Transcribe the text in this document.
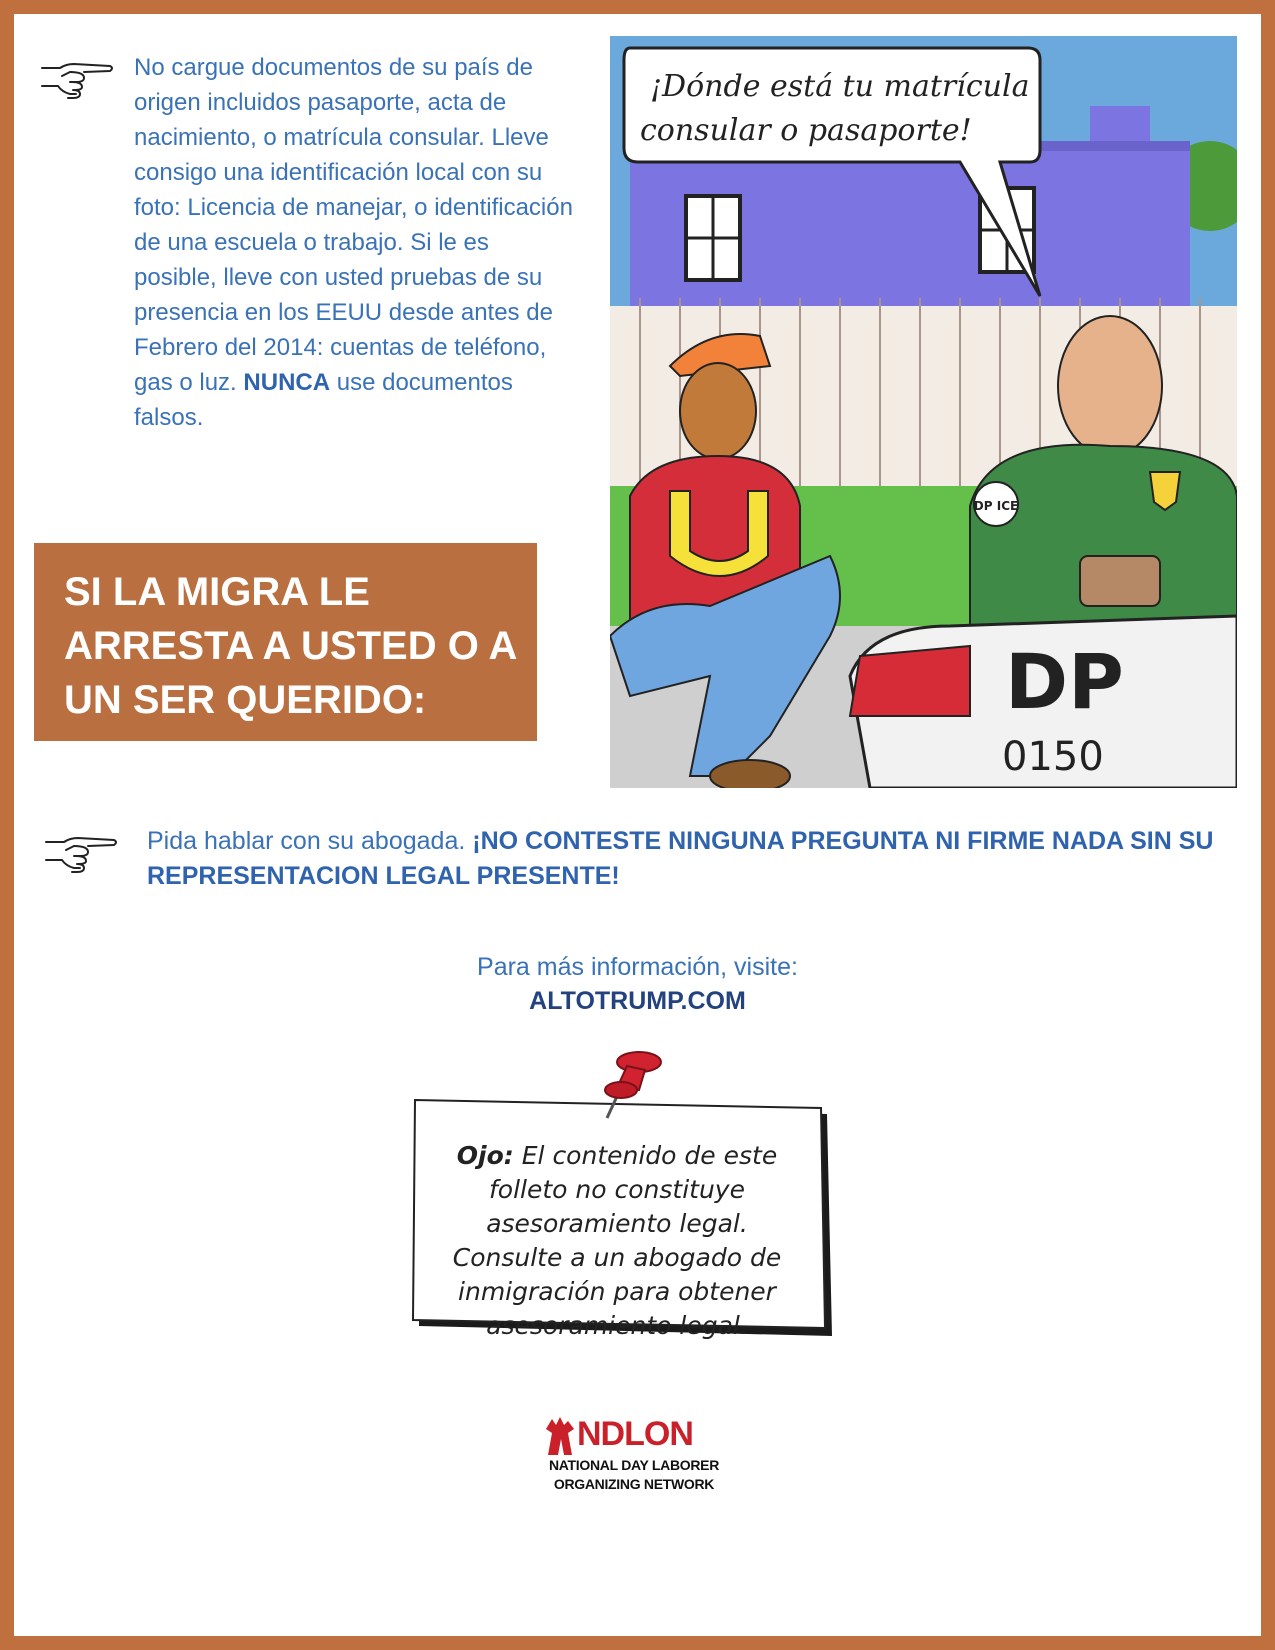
No cargue documentos de su país de origen incluidos pasaporte, acta de nacimiento, o matrícula consular. Lleve consigo una identificación local con su foto: Licencia de manejar, o identificación de una escuela o trabajo. Si le es posible, lleve con usted pruebas de su presencia en los EEUU desde antes de Febrero del 2014: cuentas de teléfono, gas o luz. NUNCA use documentos falsos.
SI LA MIGRA LE ARRESTA A USTED O A UN SER QUERIDO:
¡Dónde está tu matrícula
consular o pasaporte!
DP ICE
DP
0150
Pida hablar con su abogada. ¡NO CONTESTE NINGUNA PREGUNTA NI FIRME NADA SIN SU REPRESENTACION LEGAL PRESENTE!
Para más información, visite:
ALTOTRUMP.COM
Ojo: El contenido de este folleto no constituye asesoramiento legal. Consulte a un abogado de inmigración para obtener asesoramiento legal.
NDLON
NATIONAL DAY LABORER
ORGANIZING NETWORK
